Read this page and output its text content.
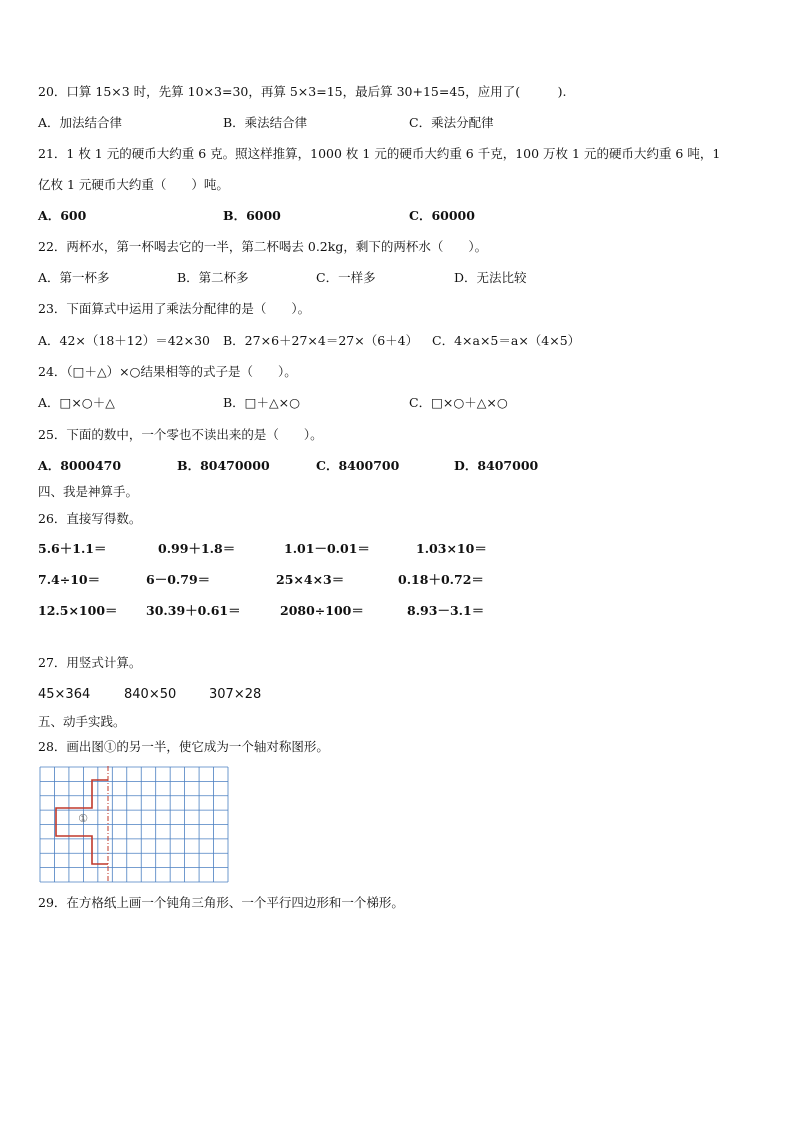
20．口算 15×3 时，先算 10×3=30，再算 5×3=15，最后算 30+15=45，应用了(　　　).
A．加法结合律	B．乘法结合律	C．乘法分配律
21．1 枚 1 元的硬币大约重 6 克。照这样推算，1000 枚 1 元的硬币大约重 6 千克，100 万枚 1 元的硬币大约重 6 吨，1
亿枚 1 元硬币大约重（　　）吨。
A．600	B．6000	C．60000
22．两杯水，第一杯喝去它的一半，第二杯喝去 0.2kg，剩下的两杯水（　　）。
A．第一杯多	B．第二杯多	C．一样多	D．无法比较
23．下面算式中运用了乘法分配律的是（　　）。
A．42×（18＋12）＝42×30 B．27×6＋27×4＝27×（6＋4） C．4×a×5＝a×（4×5）
24．（□＋△）×○结果相等的式子是（　　）。
A．□×○＋△	B．□＋△×○	C．□×○＋△×○
25．下面的数中，一个零也不读出来的是（　　）。
A．8000470	B．80470000	C．8400700	D．8407000
四、我是神算手。
26．直接写得数。
5.6＋1.1＝	0.99＋1.8＝	1.01－0.01＝	1.03×10＝
7.4÷10＝	6－0.79＝	25×4×3＝	0.18＋0.72＝
12.5×100＝ 30.39＋0.61＝	2080÷100＝	8.93－3.1＝
27．用竖式计算。
45×364	840×50	307×28
五、动手实践。
28．画出图①的另一半，使它成为一个轴对称图形。
①
29．在方格纸上画一个钝角三角形、一个平行四边形和一个梯形。
